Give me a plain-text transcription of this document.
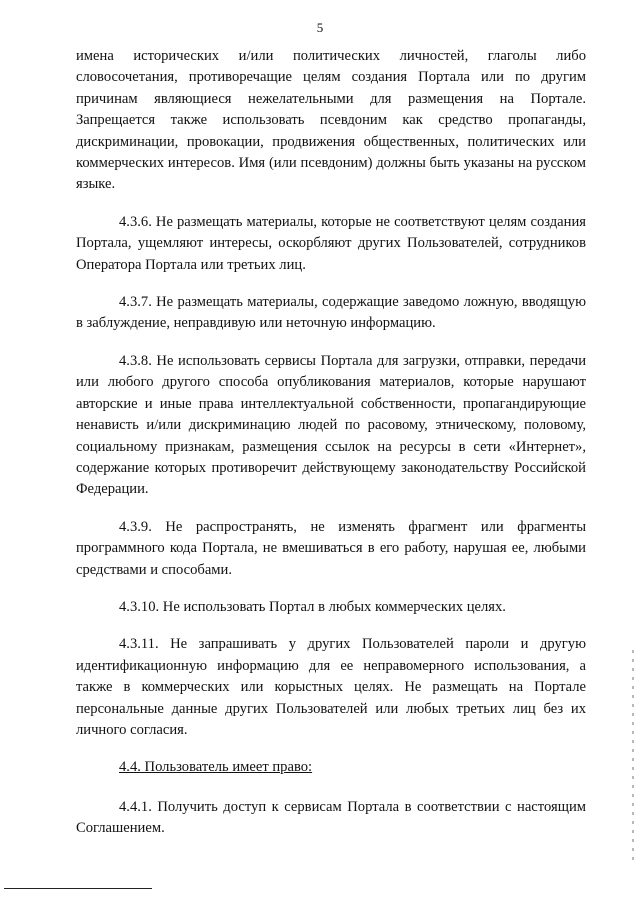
5

имена исторических и/или политических личностей, глаголы либо словосочетания, противоречащие целям создания Портала или по другим причинам являющиеся нежелательными для размещения на Портале. Запрещается также использовать псевдоним как средство пропаганды, дискриминации, провокации, продвижения общественных, политических или коммерческих интересов. Имя (или псевдоним) должны быть указаны на русском языке.

4.3.6. Не размещать материалы, которые не соответствуют целям создания Портала, ущемляют интересы, оскорбляют других Пользователей, сотрудников Оператора Портала или третьих лиц.

4.3.7. Не размещать материалы, содержащие заведомо ложную, вводящую в заблуждение, неправдивую или неточную информацию.

4.3.8. Не использовать сервисы Портала для загрузки, отправки, передачи или любого другого способа опубликования материалов, которые нарушают авторские и иные права интеллектуальной собственности, пропагандирующие ненависть и/или дискриминацию людей по расовому, этническому, половому, социальному признакам, размещения ссылок на ресурсы в сети «Интернет», содержание которых противоречит действующему законодательству Российской Федерации.

4.3.9. Не распространять, не изменять фрагмент или фрагменты программного кода Портала, не вмешиваться в его работу, нарушая ее, любыми средствами и способами.

4.3.10. Не использовать Портал в любых коммерческих целях.

4.3.11. Не запрашивать у других Пользователей пароли и другую идентификационную информацию для ее неправомерного использования, а также в коммерческих или корыстных целях. Не размещать на Портале персональные данные других Пользователей или любых третьих лиц без их личного согласия.

4.4. Пользователь имеет право:

4.4.1. Получить доступ к сервисам Портала в соответствии с настоящим Соглашением.
